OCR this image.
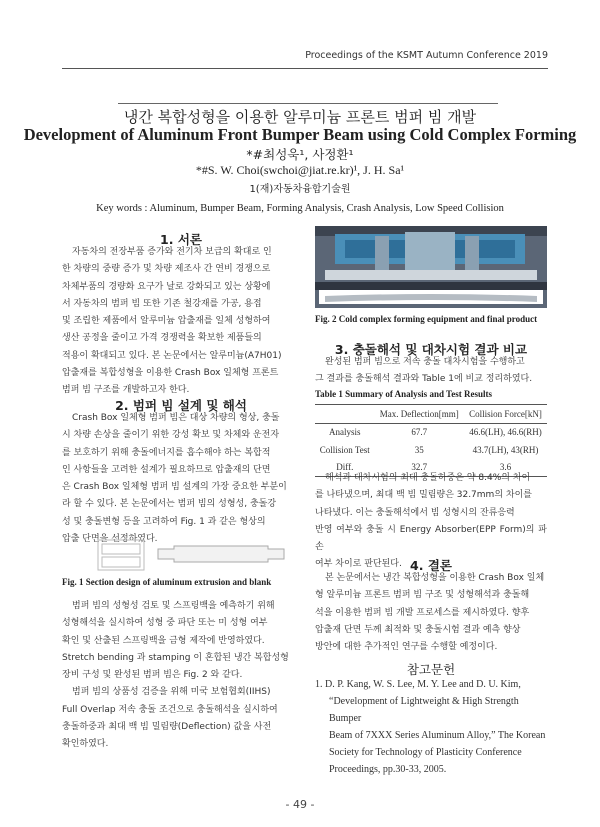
Proceedings of the KSMT Autumn Conference 2019
냉간 복합성형을 이용한 알루미늄 프론트 범퍼 빔 개발
Development of Aluminum Front Bumper Beam using Cold Complex Forming
*#최성욱¹, 사정환¹
*#S. W. Choi(swchoi@jiat.re.kr)¹, J. H. Sa¹
1(재)자동차융합기술원
Key words : Aluminum, Bumper Beam, Forming Analysis, Crash Analysis, Low Speed Collision
1. 서론
자동차의 전장부품 증가와 전기차 보급의 확대로 인
한 차량의 중량 증가 및 차량 제조사 간 연비 경쟁으로
차체부품의 경량화 요구가 날로 강화되고 있는 상황에
서 자동차의 범퍼 빔 또한 기존 철강재를 가공, 용접
및 조립한 제품에서 알루미늄 압출재를 일체 성형하여
생산 공정을 줄이고 가격 경쟁력을 확보한 제품들의
적용이 확대되고 있다. 본 논문에서는 알루미늄(A7H01)
압출재를 복합성형을 이용한 Crash Box 일체형 프론트
범퍼 빔 구조를 개발하고자 한다.
2. 범퍼 빔 설계 및 해석
Crash Box 일체형 범퍼 빔은 대상 차량의 형상, 충돌
시 차량 손상을 줄이기 위한 강성 확보 및 차체와 운전자
를 보호하기 위해 충돌에너지를 흡수해야 하는 복합적
인 사항들을 고려한 설계가 필요하므로 압출재의 단면
은 Crash Box 일체형 범퍼 빔 설계의 가장 중요한 부분이
라 할 수 있다. 본 논문에서는 범퍼 빔의 성형성, 충돌강
성 및 충돌변형 등을 고려하여 Fig. 1 과 같은 형상의
압출 단면을 선정하였다.
Fig. 1 Section design of aluminum extrusion and blank
범퍼 빔의 성형성 검토 및 스프링백을 예측하기 위해
성형해석을 실시하여 성형 중 파단 또는 미 성형 여부
확인 및 산출된 스프링백을 금형 제작에 반영하였다.
Stretch bending 과 stamping 이 혼합된 냉간 복합성형
장비 구성 및 완성된 범퍼 빔은 Fig. 2 와 같다.
범퍼 빔의 상품성 검증을 위해 미국 보험협회(IIHS)
Full Overlap 저속 충돌 조건으로 충돌해석을 실시하여
충돌하중과 최대 백 빔 밀림량(Deflection) 값을 사전
확인하였다.
Fig. 2 Cold complex forming equipment and final product
3. 충돌해석 및 대차시험 결과 비교
완성된 범퍼 빔으로 저속 충돌 대차시험을 수행하고
그 결과를 충돌해석 결과와 Table 1에 비교 정리하였다.
Table 1 Summary of Analysis and Test Results
	Max. Deflection[mm]	Collision Force[kN]
Analysis	67.7	46.6(LH), 46.6(RH)
Collision Test	35	43.7(LH), 43(RH)
Diff.	32.7	3.6
해석과 대차시험의 최대 충돌하중은 약 8.4%의 차이
를 나타냈으며, 최대 백 빔 밀림량은 32.7mm의 차이를
나타냈다. 이는 충돌해석에서 빔 성형시의 잔류응력
반영 여부와 충돌 시 Energy Absorber(EPP Form)의 파손
여부 차이로 판단된다. 4. 결론
본 논문에서는 냉간 복합성형을 이용한 Crash Box 일체
형 알루미늄 프론트 범퍼 빔 구조 및 성형해석과 충돌해
석을 이용한 범퍼 빔 개발 프로세스를 제시하였다. 향후
압출재 단면 두께 최적화 및 충돌시험 결과 예측 향상
방안에 대한 추가적인 연구를 수행할 예정이다.
참고문헌
1. D. P. Kang, W. S. Lee, M. Y. Lee and D. U. Kim,
“Development of Lightweight & High Strength Bumper
Beam of 7XXX Series Aluminum Alloy,” The Korean
Society for Technology of Plasticity Conference
Proceedings, pp.30-33, 2005.
- 49 -
